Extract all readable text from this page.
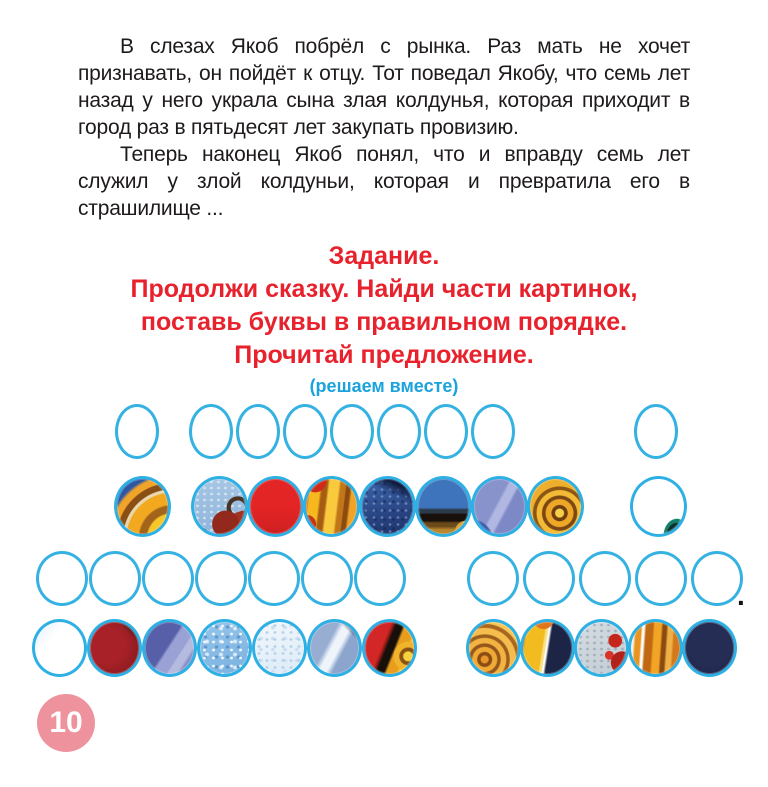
В слезах Якоб побрёл с рынка. Раз мать не хочет признавать, он пойдёт к отцу. Тот поведал Якобу, что семь лет назад у него украла сына злая колдунья, которая приходит в город раз в пятьдесят лет закупать провизию.

Теперь наконец Якоб понял, что и вправду семь лет служил у злой колдуньи, которая и превратила его в страшилище ...

Задание.
Продолжи сказку. Найди части картинок,
поставь буквы в правильном порядке.
Прочитай предложение.
(решаем вместе)
.
10
